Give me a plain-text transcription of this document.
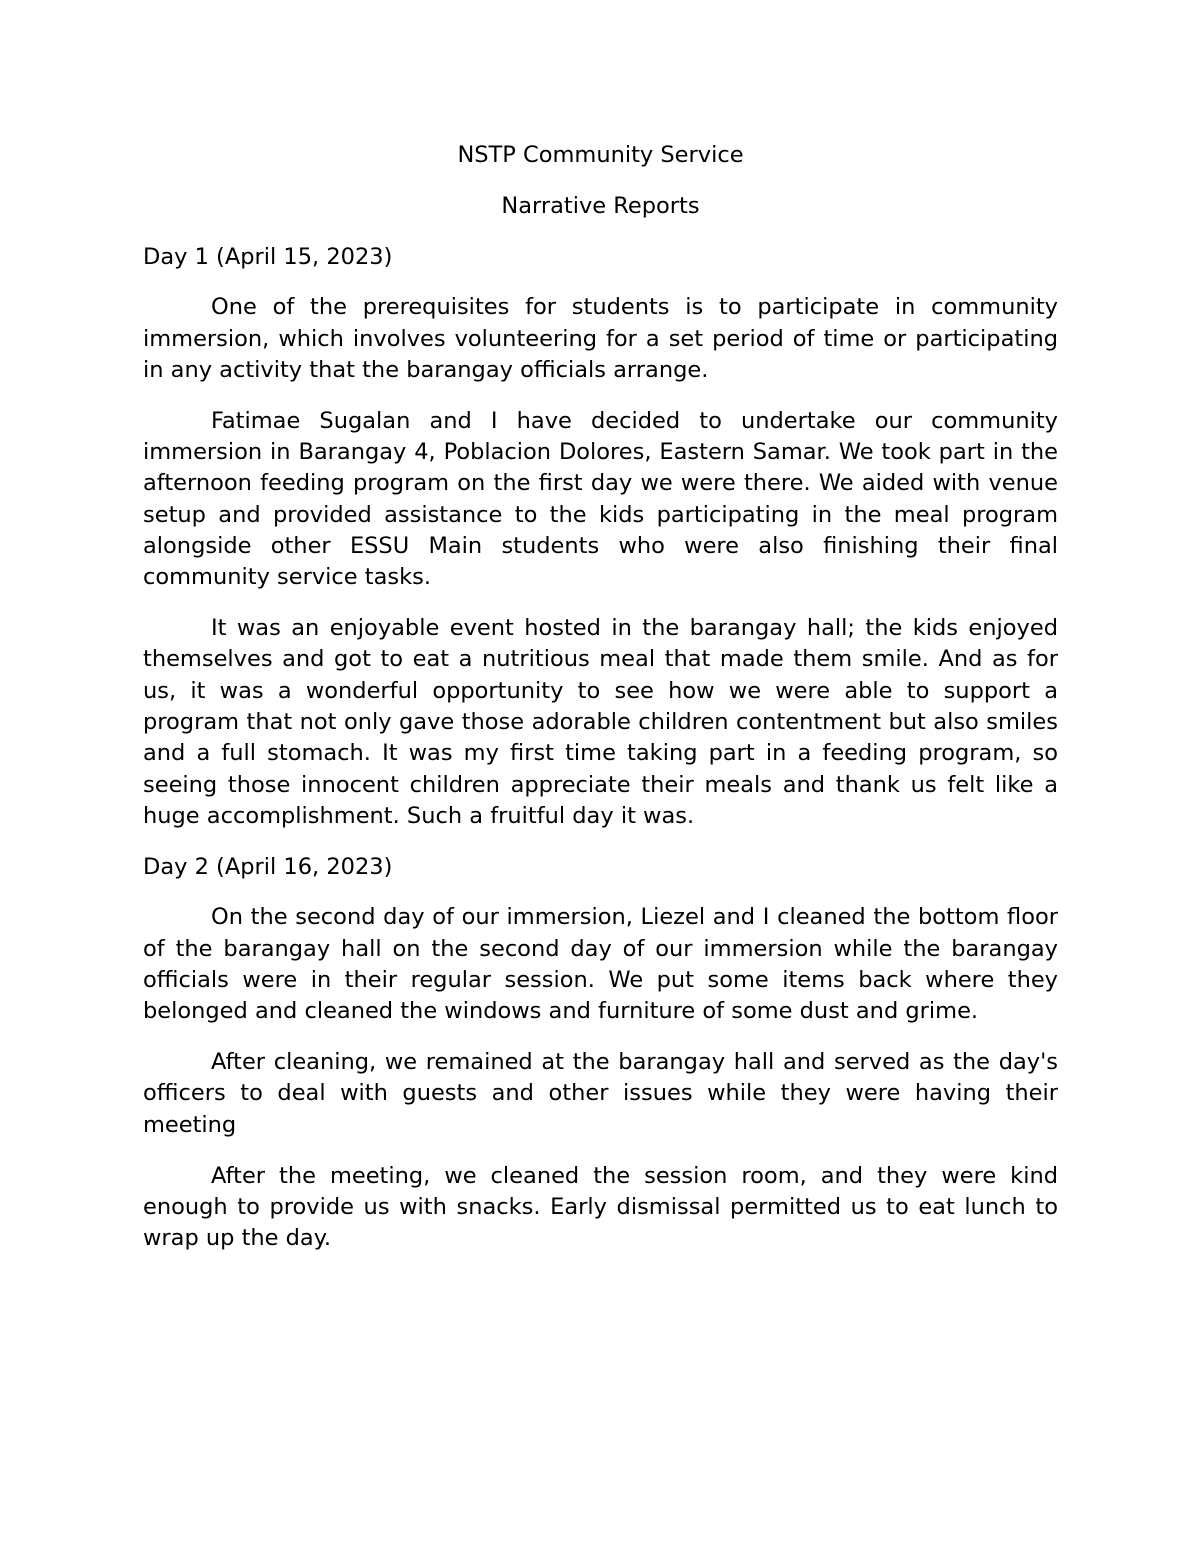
NSTP Community Service

Narrative Reports

Day 1 (April 15, 2023)

One of the prerequisites for students is to participate in community immersion, which involves volunteering for a set period of time or participating in any activity that the barangay officials arrange.

Fatimae Sugalan and I have decided to undertake our community immersion in Barangay 4, Poblacion Dolores, Eastern Samar. We took part in the afternoon feeding program on the first day we were there. We aided with venue setup and provided assistance to the kids participating in the meal program alongside other ESSU Main students who were also finishing their final community service tasks.

It was an enjoyable event hosted in the barangay hall; the kids enjoyed themselves and got to eat a nutritious meal that made them smile. And as for us, it was a wonderful opportunity to see how we were able to support a program that not only gave those adorable children contentment but also smiles and a full stomach. It was my first time taking part in a feeding program, so seeing those innocent children appreciate their meals and thank us felt like a huge accomplishment. Such a fruitful day it was.

Day 2 (April 16, 2023)

On the second day of our immersion, Liezel and I cleaned the bottom floor of the barangay hall on the second day of our immersion while the barangay officials were in their regular session. We put some items back where they belonged and cleaned the windows and furniture of some dust and grime.

After cleaning, we remained at the barangay hall and served as the day's officers to deal with guests and other issues while they were having their meeting

After the meeting, we cleaned the session room, and they were kind enough to provide us with snacks. Early dismissal permitted us to eat lunch to wrap up the day.
